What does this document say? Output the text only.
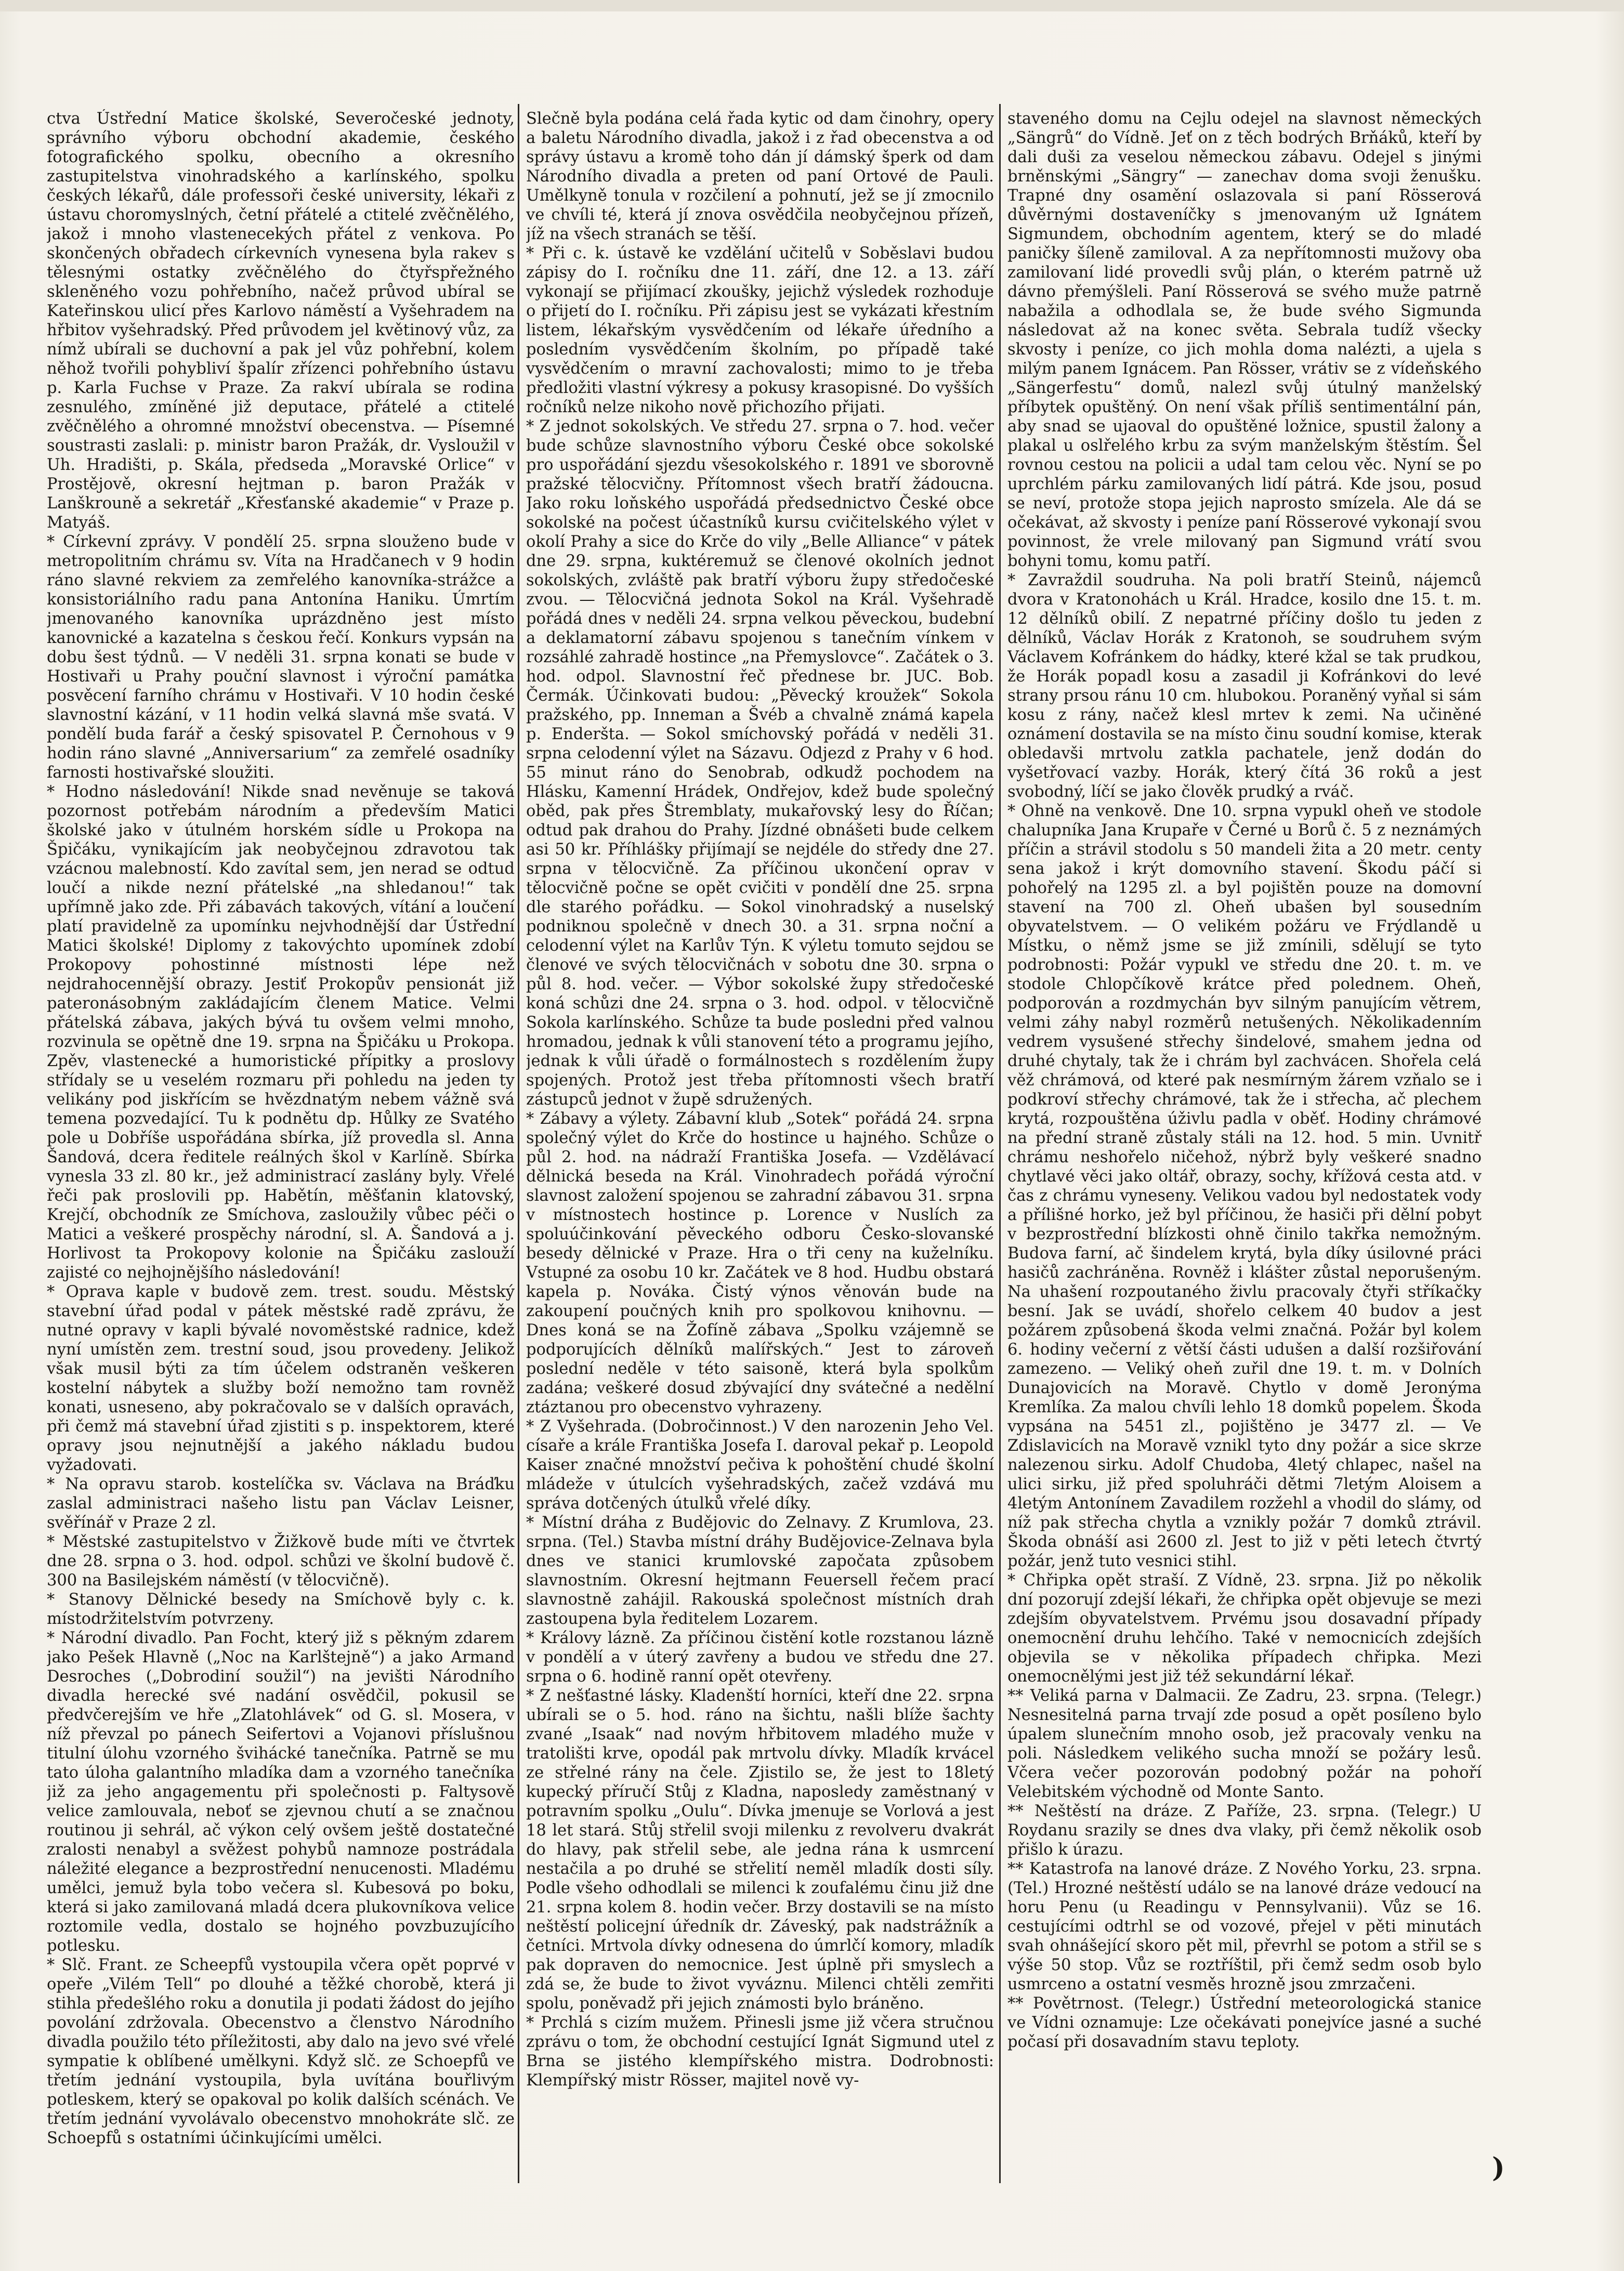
ctva Ústřední Matice školské, Severočeské jednoty, správního výboru obchodní akademie, českého fotografického spolku, obecního a okresního zastupitelstva vinohradského a karlínského, spolku českých lékařů, dále professoři české university, lékaři z ústavu choromyslných, četní přátelé a ctitelé zvěčnělého, jakož i mnoho vlastenecekých přátel z venkova. Po skončených obřadech církevních vynesena byla rakev s tělesnými ostatky zvěčnělého do čtyřspřežného skleněného vozu pohřebního, načež průvod ubíral se Kateřinskou ulicí přes Karlovo náměstí a Vyšehradem na hřbitov vyšehradský. Před průvodem jel květinový vůz, za nímž ubírali se duchovní a pak jel vůz pohřební, kolem něhož tvořili pohybliví špalír zřízenci pohřebního ústavu p. Karla Fuchse v Praze. Za rakví ubírala se rodina zesnulého, zmíněné již deputace, přátelé a ctitelé zvěčnělého a ohromné množství obecenstva. — Písemné soustrasti zaslali: p. ministr baron Pražák, dr. Vysloužil v Uh. Hradišti, p. Skála, předseda „Moravské Orlice“ v Prostějově, okresní hejtman p. baron Pražák v Lanškrouně a sekretář „Křesťanské akademie“ v Praze p. Matyáš.

* Církevní zprávy. V pondělí 25. srpna slouženo bude v metropolitním chrámu sv. Víta na Hradčanech v 9 hodin ráno slavné rekviem za zemřelého kanovníka-strážce a konsistoriálního radu pana Antonína Haniku. Úmrtím jmenovaného kanovníka uprázdněno jest místo kanovnické a kazatelna s českou řečí. Konkurs vypsán na dobu šest týdnů. — V neděli 31. srpna konati se bude v Hostivaři u Prahy pouční slavnost i výroční památka posvěcení farního chrámu v Hostivaři. V 10 hodin české slavnostní kázání, v 11 hodin velká slavná mše svatá. V pondělí buda farář a český spisovatel P. Černohous v 9 hodin ráno slavné „Anniversarium“ za zemřelé osadníky farnosti hostivařské sloužiti.

* Hodno následování! Nikde snad nevěnuje se taková pozornost potřebám národním a především Matici školské jako v útulném horském sídle u Prokopa na Špičáku, vynikajícím jak neobyčejnou zdravotou tak vzácnou malebností. Kdo zavítal sem, jen nerad se odtud loučí a nikde nezní přátelské „na shledanou!“ tak upřímně jako zde. Při zábavách takových, vítání a loučení platí pravidelně za upomínku nejvhodnější dar Ústřední Matici školské! Diplomy z takovýchto upomínek zdobí Prokopovy pohostinné místnosti lépe než nejdrahocennější obrazy. Jestiť Prokopův pensionát již pateronásobným zakládajícím členem Matice. Velmi přátelská zábava, jakých bývá tu ovšem velmi mnoho, rozvinula se opětně dne 19. srpna na Špičáku u Prokopa. Zpěv, vlastenecké a humoristické přípitky a proslovy střídaly se u veselém rozmaru při pohledu na jeden ty velikány pod jiskřícím se hvězdnatým nebem vážně svá temena pozvedající. Tu k podnětu dp. Hůlky ze Svatého pole u Dobříše uspořádána sbírka, jíž provedla sl. Anna Šandová, dcera ředitele reálných škol v Karlíně. Sbírka vynesla 33 zl. 80 kr., jež administrací zaslány byly. Vřelé řeči pak proslovili pp. Habětín, měšťanin klatovský, Krejčí, obchodník ze Smíchova, zasloužily vůbec péči o Matici a veškeré prospěchy národní, sl. A. Šandová a j. Horlivost ta Prokopovy kolonie na Špičáku zaslouží zajisté co nejhojnějšího následování!

* Oprava kaple v budově zem. trest. soudu. Městský stavební úřad podal v pátek městské radě zprávu, že nutné opravy v kapli bývalé novoměstské radnice, kdež nyní umístěn zem. trestní soud, jsou provedeny. Jelikož však musil býti za tím účelem odstraněn veškeren kostelní nábytek a služby boží nemožno tam rovněž konati, usneseno, aby pokračovalo se v dalších opravách, při čemž má stavební úřad zjistiti s p. inspektorem, které opravy jsou nejnutnější a jakého nákladu budou vyžadovati.

* Na opravu starob. kostelíčka sv. Václava na Bráďku zaslal administraci našeho listu pan Václav Leisner, svěřínář v Praze 2 zl.

* Městské zastupitelstvo v Žižkově bude míti ve čtvrtek dne 28. srpna o 3. hod. odpol. schůzi ve školní budově č. 300 na Basilejském náměstí (v tělocvičně).

* Stanovy Dělnické besedy na Smíchově byly c. k. místodržitelstvím potvrzeny.

* Národní divadlo. Pan Focht, který již s pěkným zdarem jako Pešek Hlavně („Noc na Karlštejně“) a jako Armand Desroches („Dobrodiní soužil“) na jevišti Národního divadla herecké své nadání osvědčil, pokusil se předvčerejším ve hře „Zlatohlávek“ od G. sl. Mosera, v níž převzal po pánech Seifertovi a Vojanovi příslušnou titulní úlohu vzorného švihácké tanečníka. Patrně se mu tato úloha galantního mladíka dam a vzorného tanečníka již za jeho angagementu při společnosti p. Faltysově velice zamlouvala, neboť se zjevnou chutí a se značnou routinou ji sehrál, ač výkon celý ovšem ještě dostatečné zralosti nenabyl a svěžest pohybů namnoze postrádala náležité elegance a bezprostřední nenucenosti. Mladému umělci, jemuž byla tobo večera sl. Kubesová po boku, která si jako zamilovaná mladá dcera plukovníkova velice roztomile vedla, dostalo se hojného povzbuzujícího potlesku.

* Slč. Frant. ze Scheepfů vystoupila včera opět poprvé v opeře „Vilém Tell“ po dlouhé a těžké chorobě, která ji stihla předešlého roku a donutila ji podati žádost do jejího povolání zdržovala. Obecenstvo a členstvo Národního divadla použilo této příležitosti, aby dalo na jevo své vřelé sympatie k oblíbené umělkyni. Když slč. ze Schoepfů ve třetím jednání vystoupila, byla uvítána bouřlivým potleskem, který se opakoval po kolik dalších scénách. Ve třetím jednání vyvolávalo obecenstvo mnohokráte slč. ze Schoepfů s ostatními účinkujícími umělci.

Slečně byla podána celá řada kytic od dam činohry, opery a baletu Národního divadla, jakož i z řad obecenstva a od správy ústavu a kromě toho dán jí dámský šperk od dam Národního divadla a preten od paní Ortové de Pauli. Umělkyně tonula v rozčilení a pohnutí, jež se jí zmocnilo ve chvíli té, která jí znova osvědčila neobyčejnou přízeň, jíž na všech stranách se těší.

* Při c. k. ústavě ke vzdělání učitelů v Soběslavi budou zápisy do I. ročníku dne 11. září, dne 12. a 13. září vykonají se přijímací zkoušky, jejichž výsledek rozhoduje o přijetí do I. ročníku. Při zápisu jest se vykázati křestním listem, lékařským vysvědčením od lékaře úředního a posledním vysvědčením školním, po případě také vysvědčením o mravní zachovalosti; mimo to je třeba předložiti vlastní výkresy a pokusy krasopisné. Do vyšších ročníků nelze nikoho nově přichozího přijati.

* Z jednot sokolských. Ve středu 27. srpna o 7. hod. večer bude schůze slavnostního výboru České obce sokolské pro uspořádání sjezdu všesokolského r. 1891 ve sborovně pražské tělocvičny. Přítomnost všech bratří žádoucna. Jako roku loňského uspořádá předsednictvo České obce sokolské na počest účastníků kursu cvičitelského výlet v okolí Prahy a sice do Krče do vily „Belle Alliance“ v pátek dne 29. srpna, kuktéremuž se členové okolních jednot sokolských, zvláště pak bratří výboru župy středočeské zvou. — Tělocvičná jednota Sokol na Král. Vyšehradě pořádá dnes v neděli 24. srpna velkou pěveckou, budební a deklamatorní zábavu spojenou s tanečním vínkem v rozsáhlé zahradě hostince „na Přemyslovce“. Začátek o 3. hod. odpol. Slavnostní řeč přednese br. JUC. Bob. Čermák. Účinkovati budou: „Pěvecký kroužek“ Sokola pražského, pp. Inneman a Švéb a chvalně známá kapela p. Enderšta. — Sokol smíchovský pořádá v neděli 31. srpna celodenní výlet na Sázavu. Odjezd z Prahy v 6 hod. 55 minut ráno do Senobrab, odkudž pochodem na Hlásku, Kamenní Hrádek, Ondřejov, kdež bude společný oběd, pak přes Štremblaty, mukařovský lesy do Říčan; odtud pak drahou do Prahy. Jízdné obnášeti bude celkem asi 50 kr. Příhlášky přijímají se nejdéle do středy dne 27. srpna v tělocvičně. Za příčinou ukončení oprav v tělocvičně počne se opět cvičiti v pondělí dne 25. srpna dle starého pořádku. — Sokol vinohradský a nuselský podniknou společně v dnech 30. a 31. srpna noční a celodenní výlet na Karlův Týn. K výletu tomuto sejdou se členové ve svých tělocvičnách v sobotu dne 30. srpna o půl 8. hod. večer. — Výbor sokolské župy středočeské koná schůzi dne 24. srpna o 3. hod. odpol. v tělocvičně Sokola karlínského. Schůze ta bude posledni před valnou hromadou, jednak k vůli stanovení této a programu jejího, jednak k vůli úřadě o formálnostech s rozdělením župy spojených. Protož jest třeba přítomnosti všech bratří zástupců jednot v župě sdružených.

* Zábavy a výlety. Zábavní klub „Sotek“ pořádá 24. srpna společný výlet do Krče do hostince u hajného. Schůze o půl 2. hod. na nádraží Františka Josefa. — Vzdělávací dělnická beseda na Král. Vinohradech pořádá výroční slavnost založení spojenou se zahradní zábavou 31. srpna v místnostech hostince p. Lorence v Nuslích za spoluúčinkování pěveckého odboru Česko-slovanské besedy dělnické v Praze. Hra o tři ceny na kuželníku. Vstupné za osobu 10 kr. Začátek ve 8 hod. Hudbu obstará kapela p. Nováka. Čistý výnos věnován bude na zakoupení poučných knih pro spolkovou knihovnu. — Dnes koná se na Žofíně zábava „Spolku vzájemně se podporujících dělníků malířských.“ Jest to zároveň poslední neděle v této saisoně, která byla spolkům zadána; veškeré dosud zbývající dny svátečné a nedělní ztáztanou pro obecenstvo vyhrazeny.

* Z Vyšehrada. (Dobročinnost.) V den narozenin Jeho Vel. císaře a krále Františka Josefa I. daroval pekař p. Leopold Kaiser značné množství pečiva k pohoštění chudé školní mládeže v útulcích vyšehradských, začež vzdává mu správa dotčených útulků vřelé díky.

* Místní dráha z Budějovic do Zelnavy. Z Krumlova, 23. srpna. (Tel.) Stavba místní dráhy Budějovice-Zelnava byla dnes ve stanici krumlovské započata způsobem slavnostním. Okresní hejtmann Feuersell řečem prací slavnostně zahájil. Rakouská společnost místních drah zastoupena byla ředitelem Lozarem.

* Královy lázně. Za příčinou čistění kotle rozstanou lázně v pondělí a v úterý zavřeny a budou ve středu dne 27. srpna o 6. hodině ranní opět otevřeny.

* Z nešťastné lásky. Kladenští horníci, kteří dne 22. srpna ubírali se o 5. hod. ráno na šichtu, našli blíže šachty zvané „Isaak“ nad novým hřbitovem mladého muže v tratolišti krve, opodál pak mrtvolu dívky. Mladík krvácel ze střelné rány na čele. Zjistilo se, že jest to 18letý kupecký příručí Stůj z Kladna, naposledy zaměstnaný v potravním spolku „Oulu“. Dívka jmenuje se Vorlová a jest 18 let stará. Stůj střelil svoji milenku z revolveru dvakrát do hlavy, pak střelil sebe, ale jedna rána k usmrcení nestačila a po druhé se střelití neměl mladík dosti síly. Podle všeho odhodlali se milenci k zoufalému činu již dne 21. srpna kolem 8. hodin večer. Brzy dostavili se na místo neštěstí policejní úředník dr. Záveský, pak nadstrážník a četníci. Mrtvola dívky odnesena do úmrlčí komory, mladík pak dopraven do nemocnice. Jest úplně při smyslech a zdá se, že bude to život vyváznu. Milenci chtěli zemřiti spolu, poněvadž při jejich známosti bylo bráněno.

* Prchlá s cizím mužem. Přinesli jsme již včera stručnou zprávu o tom, že obchodní cestující Ignát Sigmund utel z Brna se jistého klempířského mistra. Dodrobnosti: Klempířský mistr Rösser, majitel nově vy-

staveného domu na Cejlu odejel na slavnost německých „Sängrů“ do Vídně. Jeť on z těch bodrých Brňáků, kteří by dali duši za veselou německou zábavu. Odejel s jinými brněnskými „Sängry“ — zanechav doma svoji ženušku. Trapné dny osamění oslazovala si paní Rösserová důvěrnými dostaveníčky s jmenovaným už Ignátem Sigmundem, obchodním agentem, který se do mladé paničky šíleně zamiloval. A za nepřítomnosti mužovy oba zamilovaní lidé provedli svůj plán, o kterém patrně už dávno přemýšleli. Paní Rösserová se svého muže patrně nabažila a odhodlala se, že bude svého Sigmunda následovat až na konec světa. Sebrala tudíž všecky skvosty i peníze, co jich mohla doma nalézti, a ujela s milým panem Ignácem. Pan Rösser, vrátiv se z vídeňského „Sängerfestu“ domů, nalezl svůj útulný manželský příbytek opuštěný. On není však příliš sentimentální pán, aby snad se ujaoval do opuštěné ložnice, spustil žalony a plakal u oslřelého krbu za svým manželským štěstím. Šel rovnou cestou na policii a udal tam celou věc. Nyní se po uprchlém párku zamilovaných lidí pátrá. Kde jsou, posud se neví, protože stopa jejich naprosto smízela. Ale dá se očekávat, až skvosty i peníze paní Rösserové vykonají svou povinnost, že vrele milovaný pan Sigmund vrátí svou bohyni tomu, komu patří.

* Zavraždil soudruha. Na poli bratří Steinů, nájemců dvora v Kratonohách u Král. Hradce, kosilo dne 15. t. m. 12 dělníků obilí. Z nepatrné příčiny došlo tu jeden z dělníků, Václav Horák z Kratonoh, se soudruhem svým Václavem Kofránkem do hádky, které kžal se tak prudkou, že Horák popadl kosu a zasadil ji Kofránkovi do levé strany prsou ránu 10 cm. hlubokou. Poraněný vyňal si sám kosu z rány, načež klesl mrtev k zemi. Na učiněné oznámení dostavila se na místo činu soudní komise, kterak obledavši mrtvolu zatkla pachatele, jenž dodán do vyšetřovací vazby. Horák, který čítá 36 roků a jest svobodný, líčí se jako člověk prudký a rváč.

* Ohně na venkově. Dne 10. srpna vypukl oheň ve stodole chalupníka Jana Krupaře v Černé u Borů č. 5 z neznámých příčin a strávil stodolu s 50 mandeli žita a 20 metr. centy sena jakož i krýt domovního stavení. Škodu páčí si pohořelý na 1295 zl. a byl pojištěn pouze na domovní stavení na 700 zl. Oheň ubašen byl sousedním obyvatelstvem. — O velikém požáru ve Frýdlandě u Místku, o němž jsme se již zmínili, sdělují se tyto podrobnosti: Požár vypukl ve středu dne 20. t. m. ve stodole Chlopčíkově krátce před polednem. Oheň, podporován a rozdmychán byv silným panujícím větrem, velmi záhy nabyl rozměrů netušených. Několikadenním vedrem vysušené střechy šindelové, smahem jedna od druhé chytaly, tak že i chrám byl zachvácen. Shořela celá věž chrámová, od které pak nesmírným žárem vzňalo se i podkroví střechy chrámové, tak že i střecha, ač plechem krytá, rozpouštěna úživlu padla v oběť. Hodiny chrámové na přední straně zůstaly stáli na 12. hod. 5 min. Uvnitř chrámu neshořelo ničehož, nýbrž byly veškeré snadno chytlavé věci jako oltář, obrazy, sochy, křížová cesta atd. v čas z chrámu vyneseny. Velikou vadou byl nedostatek vody a přílišné horko, jež byl příčinou, že hasiči při dělní pobyt v bezprostřední blízkosti ohně činilo takřka nemožným. Budova farní, ač šindelem krytá, byla díky úsilovné práci hasičů zachráněna. Rovněž i klášter zůstal neporušeným. Na uhašení rozpoutaného živlu pracovaly čtyři stříkačky besní. Jak se uvádí, shořelo celkem 40 budov a jest požárem způsobená škoda velmi značná. Požár byl kolem 6. hodiny večerní z větší části udušen a další rozšiřování zamezeno. — Veliký oheň zuřil dne 19. t. m. v Dolních Dunajovicích na Moravě. Chytlo v domě Jeronýma Kremlíka. Za malou chvíli lehlo 18 domků popelem. Škoda vypsána na 5451 zl., pojištěno je 3477 zl. — Ve Zdislavicích na Moravě vznikl tyto dny požár a sice skrze nalezenou sirku. Adolf Chudoba, 4letý chlapec, našel na ulici sirku, již před spoluhráči dětmi 7letým Aloisem a 4letým Antonínem Zavadilem rozžehl a vhodil do slámy, od níž pak střecha chytla a vznikly požár 7 domků ztrávil. Škoda obnáší asi 2600 zl. Jest to již v pěti letech čtvrtý požár, jenž tuto vesnici stihl.

* Chřipka opět straší. Z Vídně, 23. srpna. Již po několik dní pozorují zdejší lékaři, že chřipka opět objevuje se mezi zdejším obyvatelstvem. Prvému jsou dosavadní případy onemocnění druhu lehčího. Také v nemocnicích zdejších objevila se v několika případech chřipka. Mezi onemocnělými jest již též sekundární lékař.

** Veliká parna v Dalmacii. Ze Zadru, 23. srpna. (Telegr.) Nesnesitelná parna trvají zde posud a opět posíleno bylo úpalem slunečním mnoho osob, jež pracovaly venku na poli. Následkem velikého sucha množí se požáry lesů. Včera večer pozorován podobný požár na pohoří Velebitském východně od Monte Santo.

** Neštěstí na dráze. Z Paříže, 23. srpna. (Telegr.) U Roydanu srazily se dnes dva vlaky, při čemž několik osob přišlo k úrazu.

** Katastrofa na lanové dráze. Z Nového Yorku, 23. srpna. (Tel.) Hrozné neštěstí událo se na lanové dráze vedoucí na horu Penu (u Readingu v Pennsylvanii). Vůz se 16. cestujícími odtrhl se od vozové, přejel v pěti minutách svah ohnášející skoro pět mil, převrhl se potom a střil se s výše 50 stop. Vůz se roztříštil, při čemž sedm osob bylo usmrceno a ostatní vesměs hrozně jsou zmrzačeni.

** Povětrnost. (Telegr.) Ústřední meteorologická stanice ve Vídni oznamuje: Lze očekávati ponejvíce jasné a suché počasí při dosavadním stavu teploty.

)
